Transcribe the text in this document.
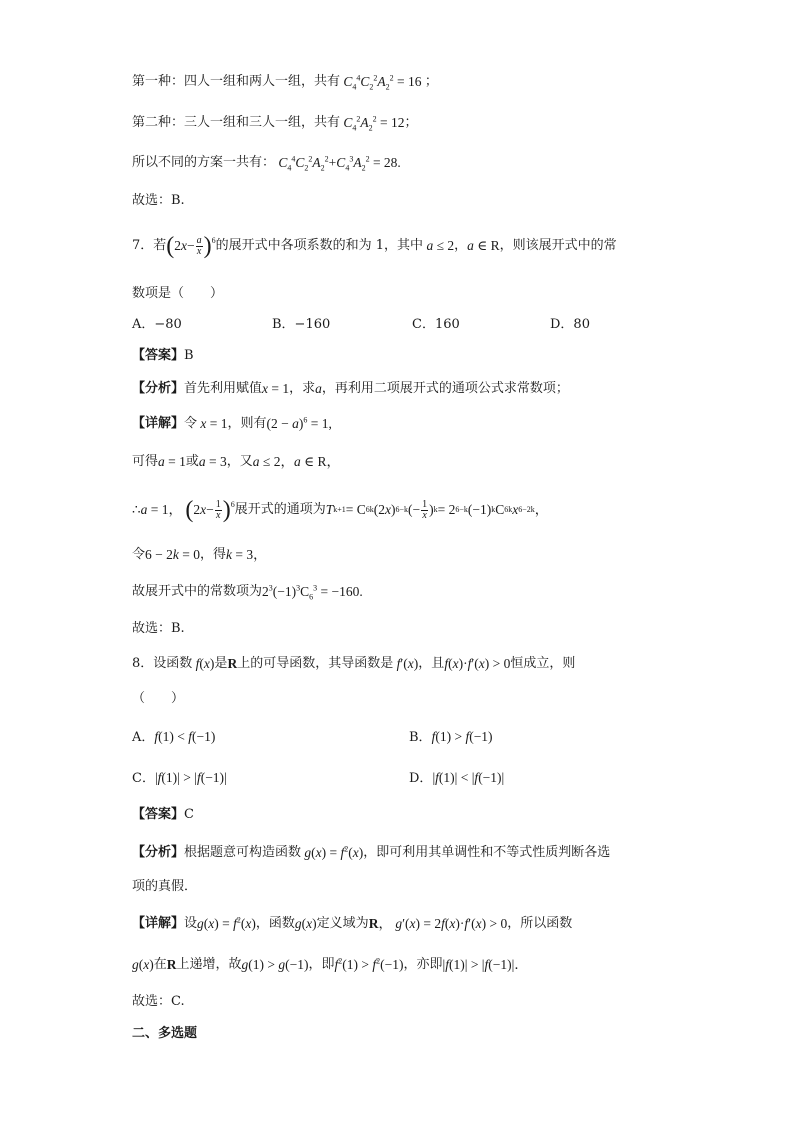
第一种：四人一组和两人一组，共有 $C_4^4C_2^2A_2^2 = 16$ ；
第二种：三人一组和三人一组，共有 $C_4^2A_2^2 = 12$ ；
所以不同的方案一共有： $C_4^4C_2^2A_2^2+C_4^3A_2^2 = 28$.
故选：B.
7．若 ( 2 $x - \frac{a}{x} )^6$ 的展开式中各项系数的和为 1，其中 a ≤ 2 ， a ∈ R ，则该展开式中的常
数项是（　　）
A．−80	B．−160	C．160	D．80
【答案】 B
【分析】 首先利用赋值 x = 1 ，求 a ，再利用二项展开式的通项公式求常数项；
【详解】 令 x = 1 ，则有 $(2 - a)^6 = 1$,
可得 a = 1 或 a = 3 ，又 a ≤ 2，a ∈ R，
∴a = 1， ( 2 $x - \frac{1}{x} )^6$ 展开式的通项为 T k+1 = C 6 k (2 x ) 6−k (− $\frac{1}{x}$ ) k = 2 6−k (−1) k C 6 k x 6−2k ，
令 6 − 2k = 0 ，得 k = 3，
故展开式中的常数项为 $2^3(-1)^3C_6^3 = -160$.
故选：B.
8．设函数 f(x) 是 R 上的可导函数，其导函数是 f′(x) ，且 f(x)·f′(x) > 0 恒成立，则
（　　）
A．f(1) < f(−1)	B．f(1) > f(−1)
C．|f(1)| > |f(−1)|	D．|f(1)| < |f(−1)|
【答案】 C
【分析】 根据题意可构造函数 $g(x) = f^2(x)$ ，即可利用其单调性和不等式性质判断各选
项的真假．
【详解】 设 $g(x) = f^2(x)$ ，函数 g(x) 定义域为 R ， g′(x) = 2f(x)·f′(x) > 0 ，所以函数
g(x) 在 R 上递增，故 g(1) > g(−1) ，即 $f^2(1) > f^2(-1)$ ，亦即 |f(1)| > |f(−1)|．
故选：C.
二、多选题
